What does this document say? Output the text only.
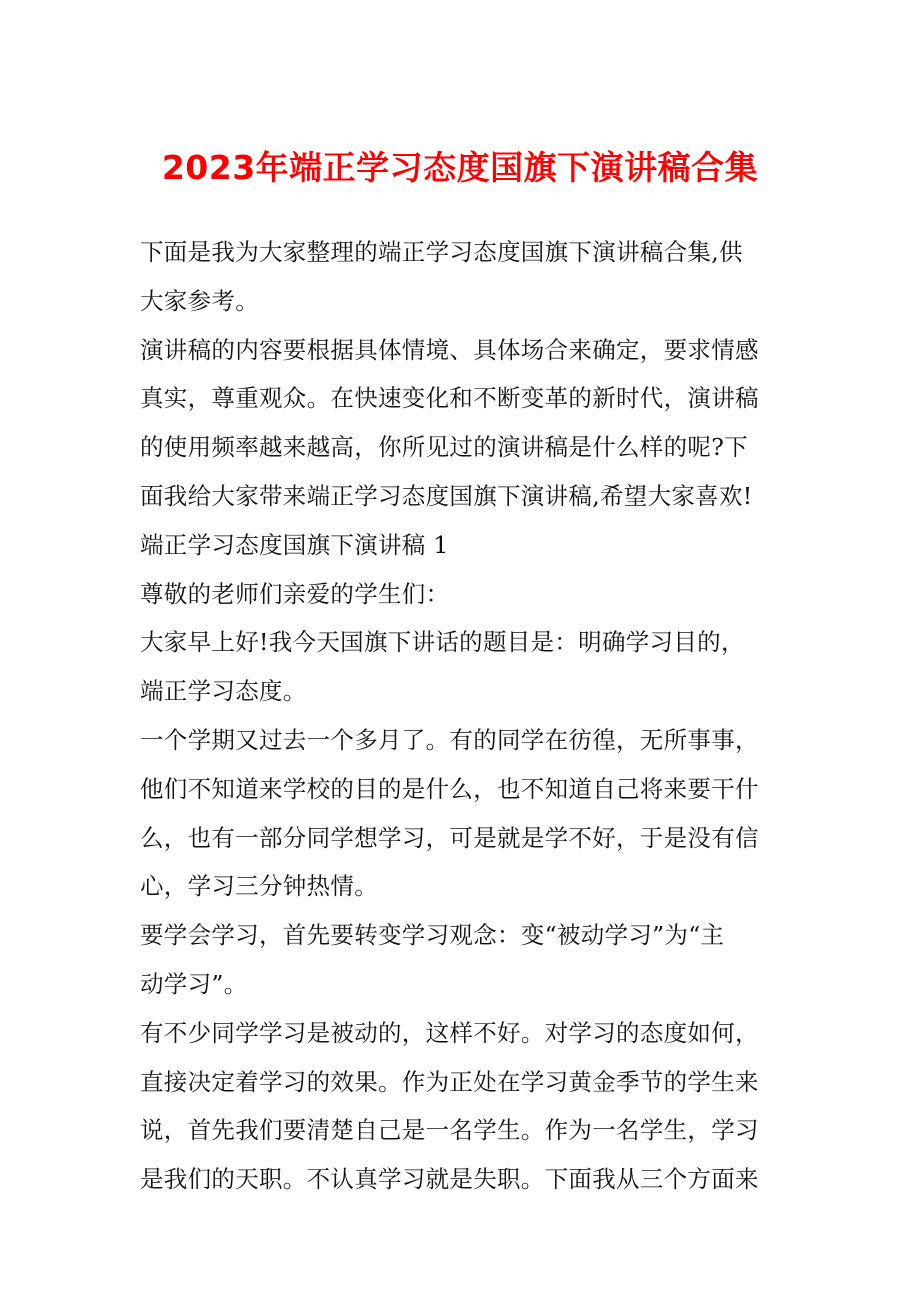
2023年端正学习态度国旗下演讲稿合集
下面是我为大家整理的端正学习态度国旗下演讲稿合集,供
大家参考。
演讲稿的内容要根据具体情境、具体场合来确定，要求情感
真实，尊重观众。在快速变化和不断变革的新时代，演讲稿
的使用频率越来越高，你所见过的演讲稿是什么样的呢?下
面我给大家带来端正学习态度国旗下演讲稿,希望大家喜欢!
端正学习态度国旗下演讲稿 1
尊敬的老师们亲爱的学生们：
大家早上好!我今天国旗下讲话的题目是：明确学习目的，
端正学习态度。
一个学期又过去一个多月了。有的同学在彷徨，无所事事，
他们不知道来学校的目的是什么，也不知道自己将来要干什
么，也有一部分同学想学习，可是就是学不好，于是没有信
心，学习三分钟热情。
要学会学习，首先要转变学习观念：变“被动学习”为“主
动学习”。
有不少同学学习是被动的，这样不好。对学习的态度如何，
直接决定着学习的效果。作为正处在学习黄金季节的学生来
说，首先我们要清楚自己是一名学生。作为一名学生，学习
是我们的天职。不认真学习就是失职。下面我从三个方面来
